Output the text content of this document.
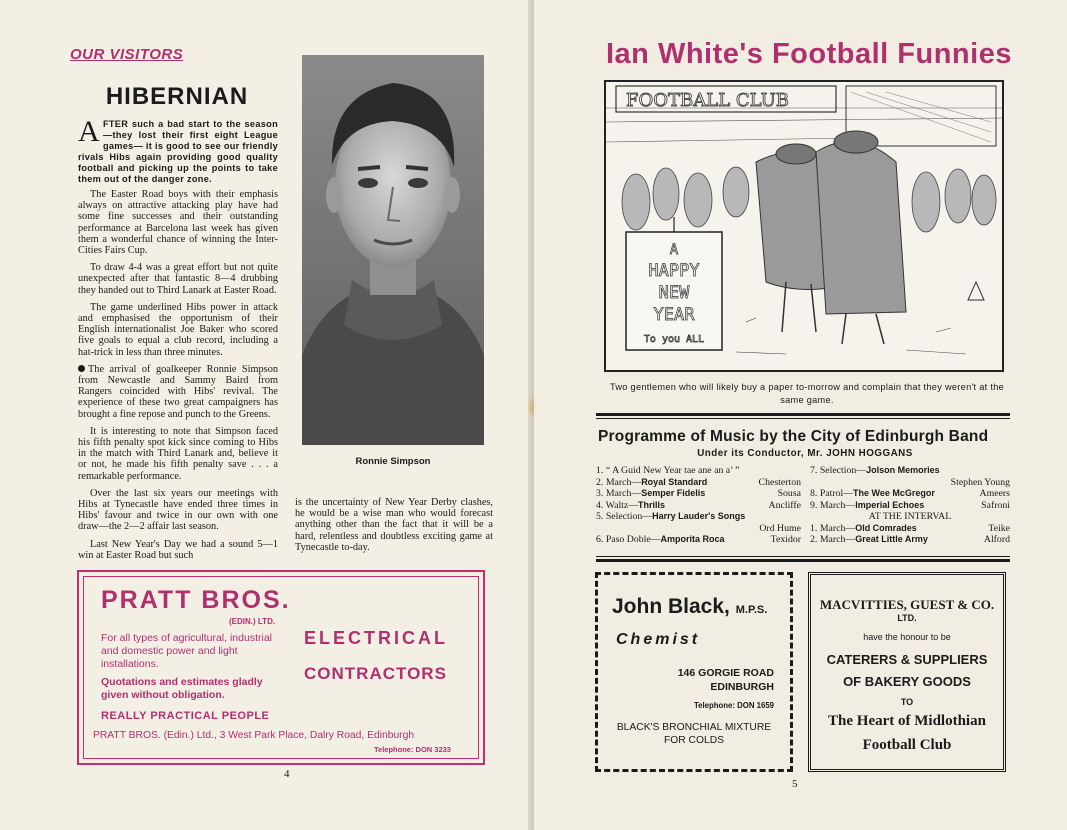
OUR VISITORS
HIBERNIAN
AFTER such a bad start to the season—they lost their first eight League games— it is good to see our friendly rivals Hibs again providing good quality football and picking up the points to take them out of the danger zone.

The Easter Road boys with their emphasis always on attractive attacking play have had some fine successes and their outstanding performance at Barcelona last week has given them a wonderful chance of winning the Inter-Cities Fairs Cup.

To draw 4-4 was a great effort but not quite unexpected after that fantastic 8—4 drubbing they handed out to Third Lanark at Easter Road.

The game underlined Hibs power in attack and emphasised the opportunism of their English internationalist Joe Baker who scored five goals to equal a club record, including a hat-trick in less than three minutes.

The arrival of goalkeeper Ronnie Simpson from Newcastle and Sammy Baird from Rangers coincided with Hibs' revival. The experience of these two great campaigners has brought a fine repose and punch to the Greens.

It is interesting to note that Simpson faced his fifth penalty spot kick since coming to Hibs in the match with Third Lanark and, believe it or not, he made his fifth penalty save . . . a remarkable performance.

Over the last six years our meetings with Hibs at Tynecastle have ended three times in Hibs' favour and twice in our own with one draw—the 2—2 affair last season.

Last New Year's Day we had a sound 5—1 win at Easter Road but such

is the uncertainty of New Year Derby clashes, he would be a wise man who would forecast anything other than the fact that it will be a hard, relentless and doubtless exciting game at Tynecastle to-day.
Ronnie Simpson
PRATT BROS.
(EDIN.) LTD.
For all types of agricultural, industrial and domestic power and light installations.
Quotations and estimates gladly given without obligation.
ELECTRICAL
CONTRACTORS
REALLY PRACTICAL PEOPLE
PRATT BROS. (Edin.) Ltd., 3 West Park Place, Dalry Road, Edinburgh
Telephone: DON 3233
4
Ian White's Football Funnies
FOOTBALL CLUB
A
HAPPY
NEW
YEAR
To you ALL
Two gentlemen who will likely buy a paper to-morrow and complain that they weren't at the same game.
Programme of Music by the City of Edinburgh Band
Under its Conductor, Mr. JOHN HOGGANS
1. “ A Guid New Year tae ane an a’ ”
2. March—Royal Standard	Chesterton
3. March—Semper Fidelis	Sousa
4. Waltz—Thrills	Ancliffe
5. Selection—Harry Lauder's Songs
Ord Hume
6. Paso Doble—Amporita Roca	Texidor
7. Selection—Jolson Memories
Stephen Young
8. Patrol—The Wee McGregor	Ameers
9. March—Imperial Echoes	Safroni
AT THE INTERVAL
1. March—Old Comrades	Teike
2. March—Great Little Army	Alford
John Black, M.P.S.
Chemist
146 GORGIE ROAD
EDINBURGH
Telephone: DON 1659
BLACK'S BRONCHIAL MIXTURE
FOR COLDS
MACVITTIES, GUEST & CO.
LTD.
have the honour to be
CATERERS & SUPPLIERS
OF BAKERY GOODS
TO
The Heart of Midlothian
Football Club
5
